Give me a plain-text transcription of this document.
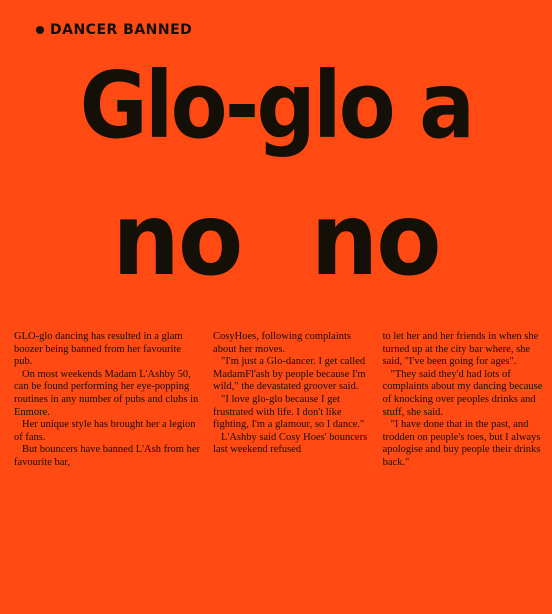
DANCER BANNED
Glo-glo a
no no

GLO-glo dancing has resulted in a glam boozer being banned from her favourite pub.

On most weekends Madam L'Ashby 50, can be found performing her eye-popping routines in any number of pubs and clubs in Enmore.

Her unique style has brought her a legion of fans.

But bouncers have banned L'Ash from her favourite bar,

CosyHoes, following complaints about her moves.

"I'm just a Glo-dancer. I get called MadamFl'ash by people because I'm wild," the devastated groover said.

"I love glo-glo because I get frustrated with life. I don't like fighting, I'm a glamour, so I dance."

L'Ashby said Cosy Hoes' bouncers last weekend refused

to let her and her friends in when she turned up at the city bar where, she said, "I've been going for ages".

"They said they'd had lots of complaints about my dancing because of knocking over peoples drinks and stuff, she said.

"I have done that in the past, and trodden on people's toes, but I always apologise and buy people their drinks back."
